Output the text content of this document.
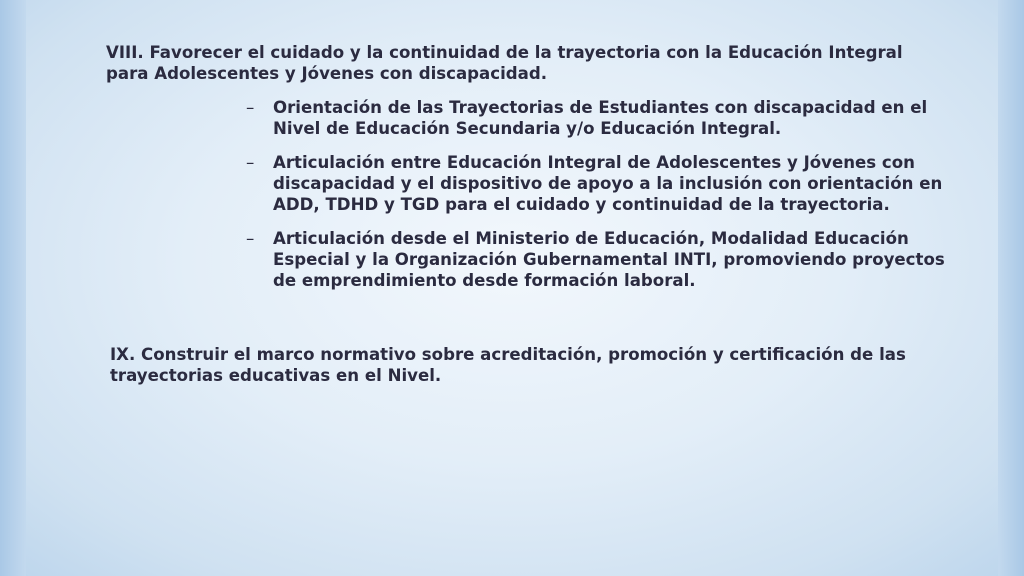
VIII. Favorecer el cuidado y la continuidad de la trayectoria con la Educación Integral para Adolescentes y Jóvenes con discapacidad.
– Orientación de las Trayectorias de Estudiantes con discapacidad en el Nivel de Educación Secundaria y/o Educación Integral.
– Articulación entre Educación Integral de Adolescentes y Jóvenes con discapacidad y el dispositivo de apoyo a la inclusión con orientación en ADD, TDHD y TGD para el cuidado y continuidad de la trayectoria.
– Articulación desde el Ministerio de Educación, Modalidad Educación Especial y la Organización Gubernamental INTI, promoviendo proyectos de emprendimiento desde formación laboral.
IX. Construir el marco normativo sobre acreditación, promoción y certificación de las trayectorias educativas en el Nivel.
